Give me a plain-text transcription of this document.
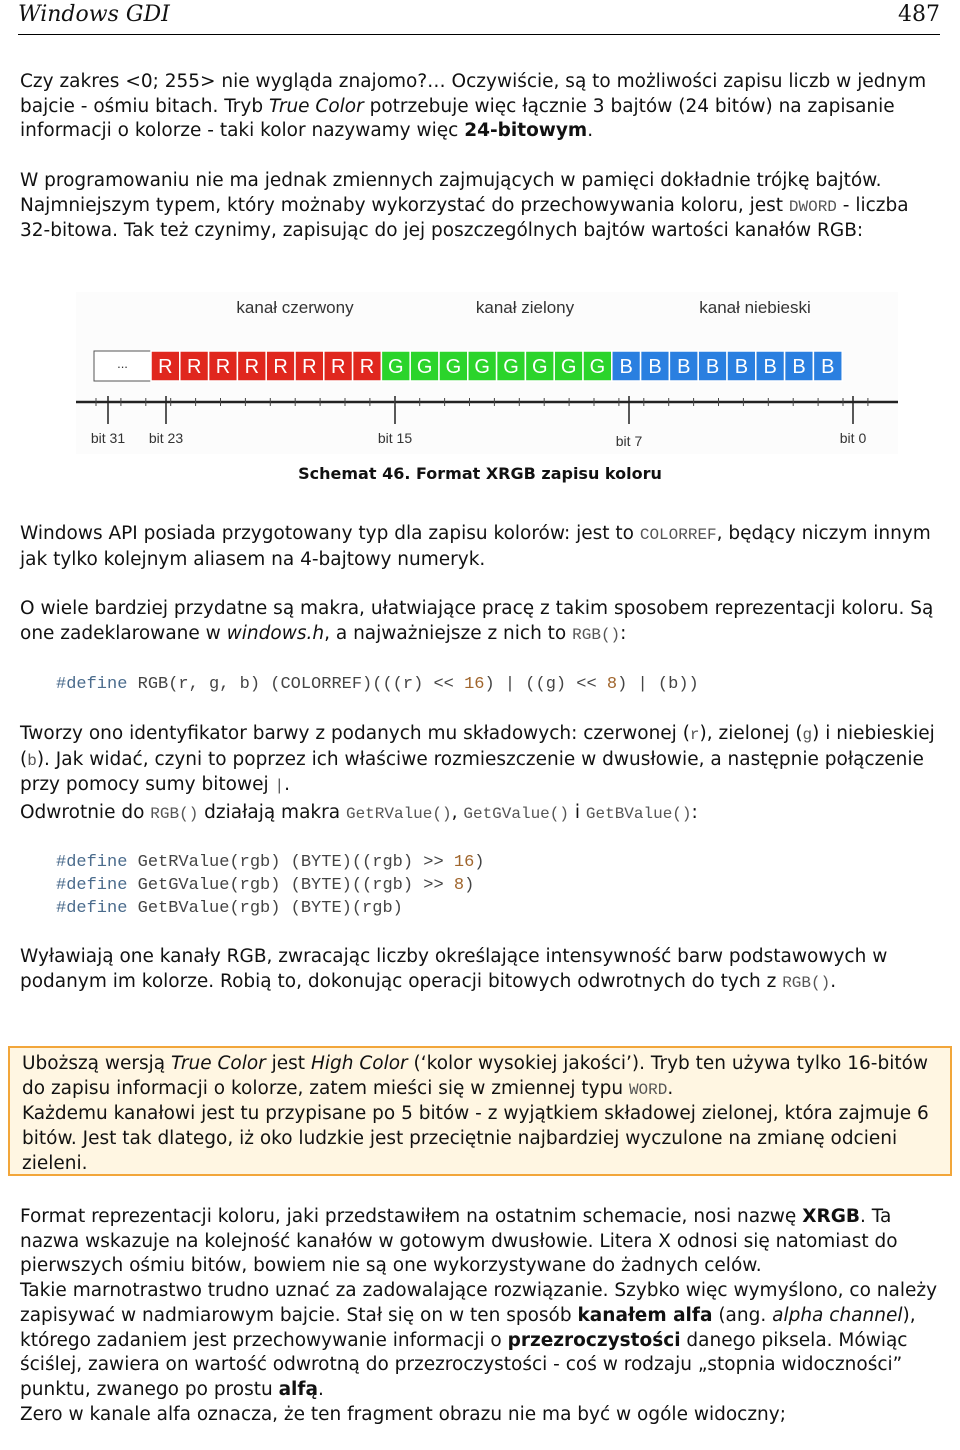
Windows GDI	487

Czy zakres <0; 255> nie wygląda znajomo?… Oczywiście, są to możliwości zapisu liczb w jednym bajcie - ośmiu bitach. Tryb True Color potrzebuje więc łącznie 3 bajtów (24 bitów) na zapisanie informacji o kolorze - taki kolor nazywamy więc 24-bitowym.

W programowaniu nie ma jednak zmiennych zajmujących w pamięci dokładnie trójkę bajtów. Najmniejszym typem, który możnaby wykorzystać do przechowywania koloru, jest DWORD - liczba 32-bitowa. Tak też czynimy, zapisując do jej poszczególnych bajtów wartości kanałów RGB:

kanał czerwony	kanał zielony	kanał niebieski
... R R R R R R R R G G G G G G G G B B B B B B B B
bit 31 bit 23	bit 15	bit 7	bit 0
Schemat 46. Format XRGB zapisu koloru

Windows API posiada przygotowany typ dla zapisu kolorów: jest to COLORREF, będący niczym innym jak tylko kolejnym aliasem na 4-bajtowy numeryk.

O wiele bardziej przydatne są makra, ułatwiające pracę z takim sposobem reprezentacji koloru. Są one zadeklarowane w windows.h, a najważniejsze z nich to RGB():

#define RGB(r, g, b) (COLORREF)(((r) << 16) | ((g) << 8) | (b))

Tworzy ono identyfikator barwy z podanych mu składowych: czerwonej (r), zielonej (g) i niebieskiej (b). Jak widać, czyni to poprzez ich właściwe rozmieszczenie w dwusłowie, a następnie połączenie przy pomocy sumy bitowej |.

Odwrotnie do RGB() działają makra GetRValue(), GetGValue() i GetBValue():

#define GetRValue(rgb) (BYTE)((rgb) >> 16)
#define GetGValue(rgb) (BYTE)((rgb) >> 8)
#define GetBValue(rgb) (BYTE)(rgb)

Wyławiają one kanały RGB, zwracając liczby określające intensywność barw podstawowych w podanym im kolorze. Robią to, dokonując operacji bitowych odwrotnych do tych z RGB().

Uboższą wersją True Color jest High Color (‘kolor wysokiej jakości’). Tryb ten używa tylko 16-bitów do zapisu informacji o kolorze, zatem mieści się w zmiennej typu WORD.
Każdemu kanałowi jest tu przypisane po 5 bitów - z wyjątkiem składowej zielonej, która zajmuje 6 bitów. Jest tak dlatego, iż oko ludzkie jest przeciętnie najbardziej wyczulone na zmianę odcieni zieleni.

Format reprezentacji koloru, jaki przedstawiłem na ostatnim schemacie, nosi nazwę XRGB. Ta nazwa wskazuje na kolejność kanałów w gotowym dwusłowie. Litera X odnosi się natomiast do pierwszych ośmiu bitów, bowiem nie są one wykorzystywane do żadnych celów.
Takie marnotrastwo trudno uznać za zadowalające rozwiązanie. Szybko więc wymyślono, co należy zapisywać w nadmiarowym bajcie. Stał się on w ten sposób kanałem alfa (ang. alpha channel), którego zadaniem jest przechowywanie informacji o przezroczystości danego piksela. Mówiąc ściślej, zawiera on wartość odwrotną do przezroczystości - coś w rodzaju „stopnia widoczności” punktu, zwanego po prostu alfą.
Zero w kanale alfa oznacza, że ten fragment obrazu nie ma być w ogóle widoczny;
